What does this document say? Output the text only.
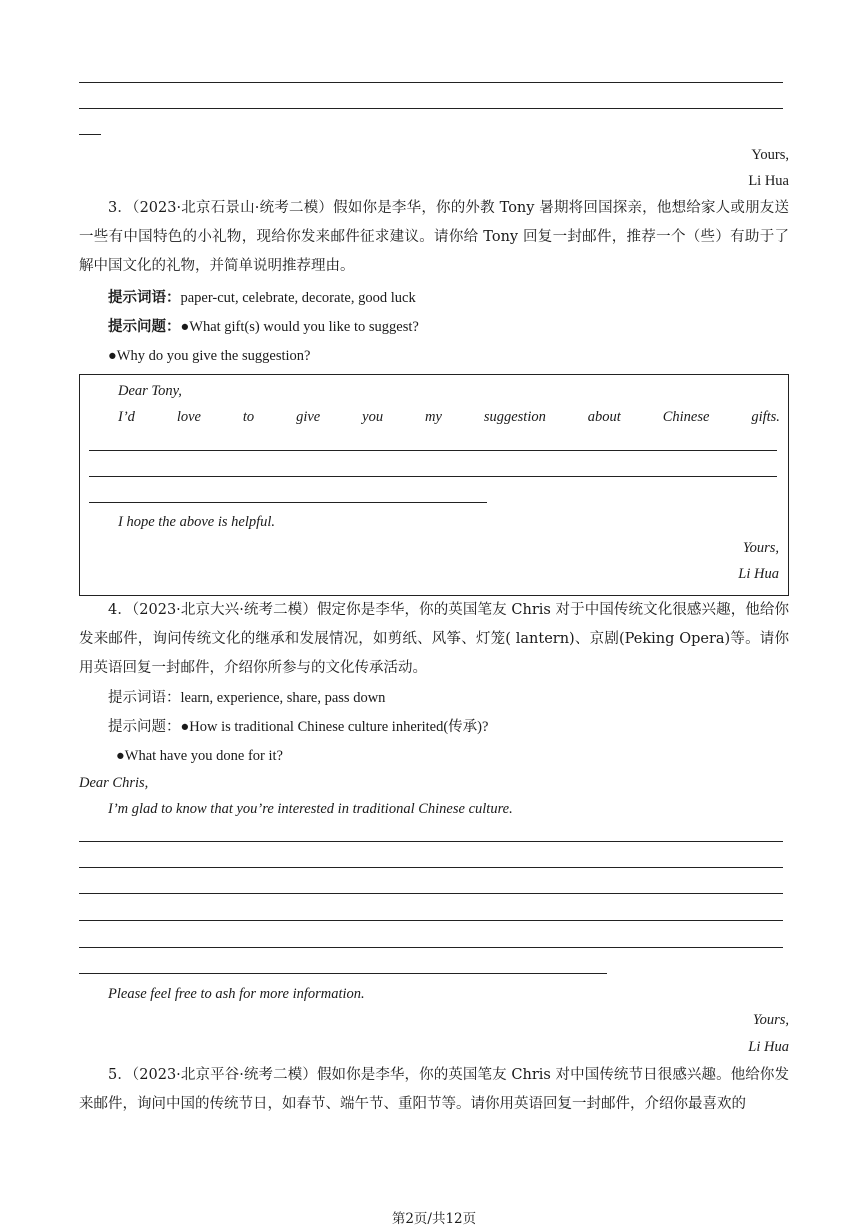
Yours,
Li Hua
3．（2023·北京石景山·统考二模）假如你是李华，你的外教 Tony 暑期将回国探亲，他想给家人或朋友送一些有中国特色的小礼物，现给你发来邮件征求建议。请你给 Tony 回复一封邮件，推荐一个（些）有助于了解中国文化的礼物，并简单说明推荐理由。
提示词语：paper-cut, celebrate, decorate, good luck
提示问题：●What gift(s) would you like to suggest?
●Why do you give the suggestion?
Dear Tony,
I’d	love	to	give	you	my	suggestion	about	Chinese	gifts.
I hope the above is helpful.
Yours,
Li Hua
4．（2023·北京大兴·统考二模）假定你是李华，你的英国笔友 Chris 对于中国传统文化很感兴趣，他给你发来邮件，询问传统文化的继承和发展情况，如剪纸、风筝、灯笼( lantern)、京剧(Peking Opera)等。请你用英语回复一封邮件，介绍你所参与的文化传承活动。
提示词语：learn, experience, share, pass down
提示问题：●How is traditional Chinese culture inherited(传承)?
●What have you done for it?
Dear Chris,
I’m glad to know that you’re interested in traditional Chinese culture.
Please feel free to ash for more information.
Yours,
Li Hua
5．（2023·北京平谷·统考二模）假如你是李华，你的英国笔友 Chris 对中国传统节日很感兴趣。他给你发来邮件，询问中国的传统节日，如春节、端午节、重阳节等。请你用英语回复一封邮件，介绍你最喜欢的
第2页/共12页
